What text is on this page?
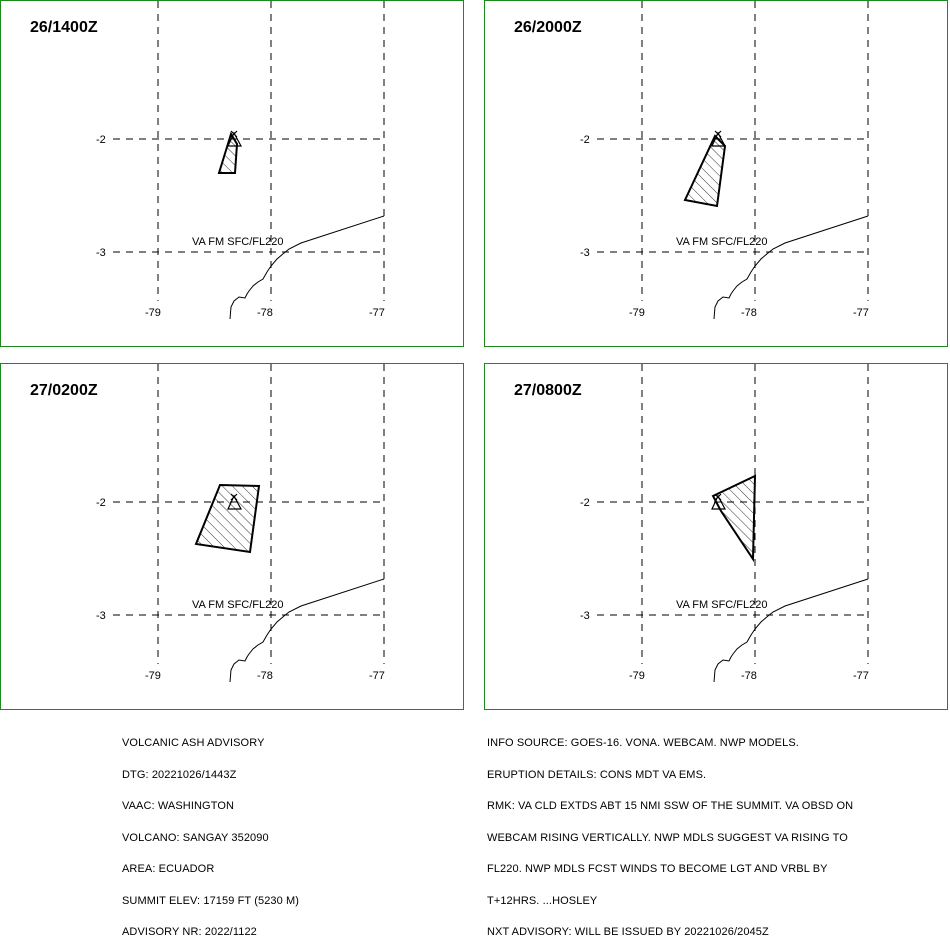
26/1400Z
-2
-3
-79	-78	-77
VA FM SFC/FL220
26/2000Z
-2
-3
-79	-78	-77
VA FM SFC/FL220
27/0200Z
-2
-3
-79	-78	-77
VA FM SFC/FL220
27/0800Z
-2
-3
-79	-78	-77
VA FM SFC/FL220

VOLCANIC ASH ADVISORY

DTG: 20221026/1443Z

VAAC: WASHINGTON

VOLCANO: SANGAY 352090

AREA: ECUADOR

SUMMIT ELEV: 17159 FT (5230 M)

ADVISORY NR: 2022/1122

INFO SOURCE: GOES-16. VONA. WEBCAM. NWP MODELS.

ERUPTION DETAILS: CONS MDT VA EMS.

RMK: VA CLD EXTDS ABT 15 NMI SSW OF THE SUMMIT. VA OBSD ON

WEBCAM RISING VERTICALLY. NWP MDLS SUGGEST VA RISING TO

FL220. NWP MDLS FCST WINDS TO BECOME LGT AND VRBL BY

T+12HRS. ...HOSLEY

NXT ADVISORY: WILL BE ISSUED BY 20221026/2045Z
